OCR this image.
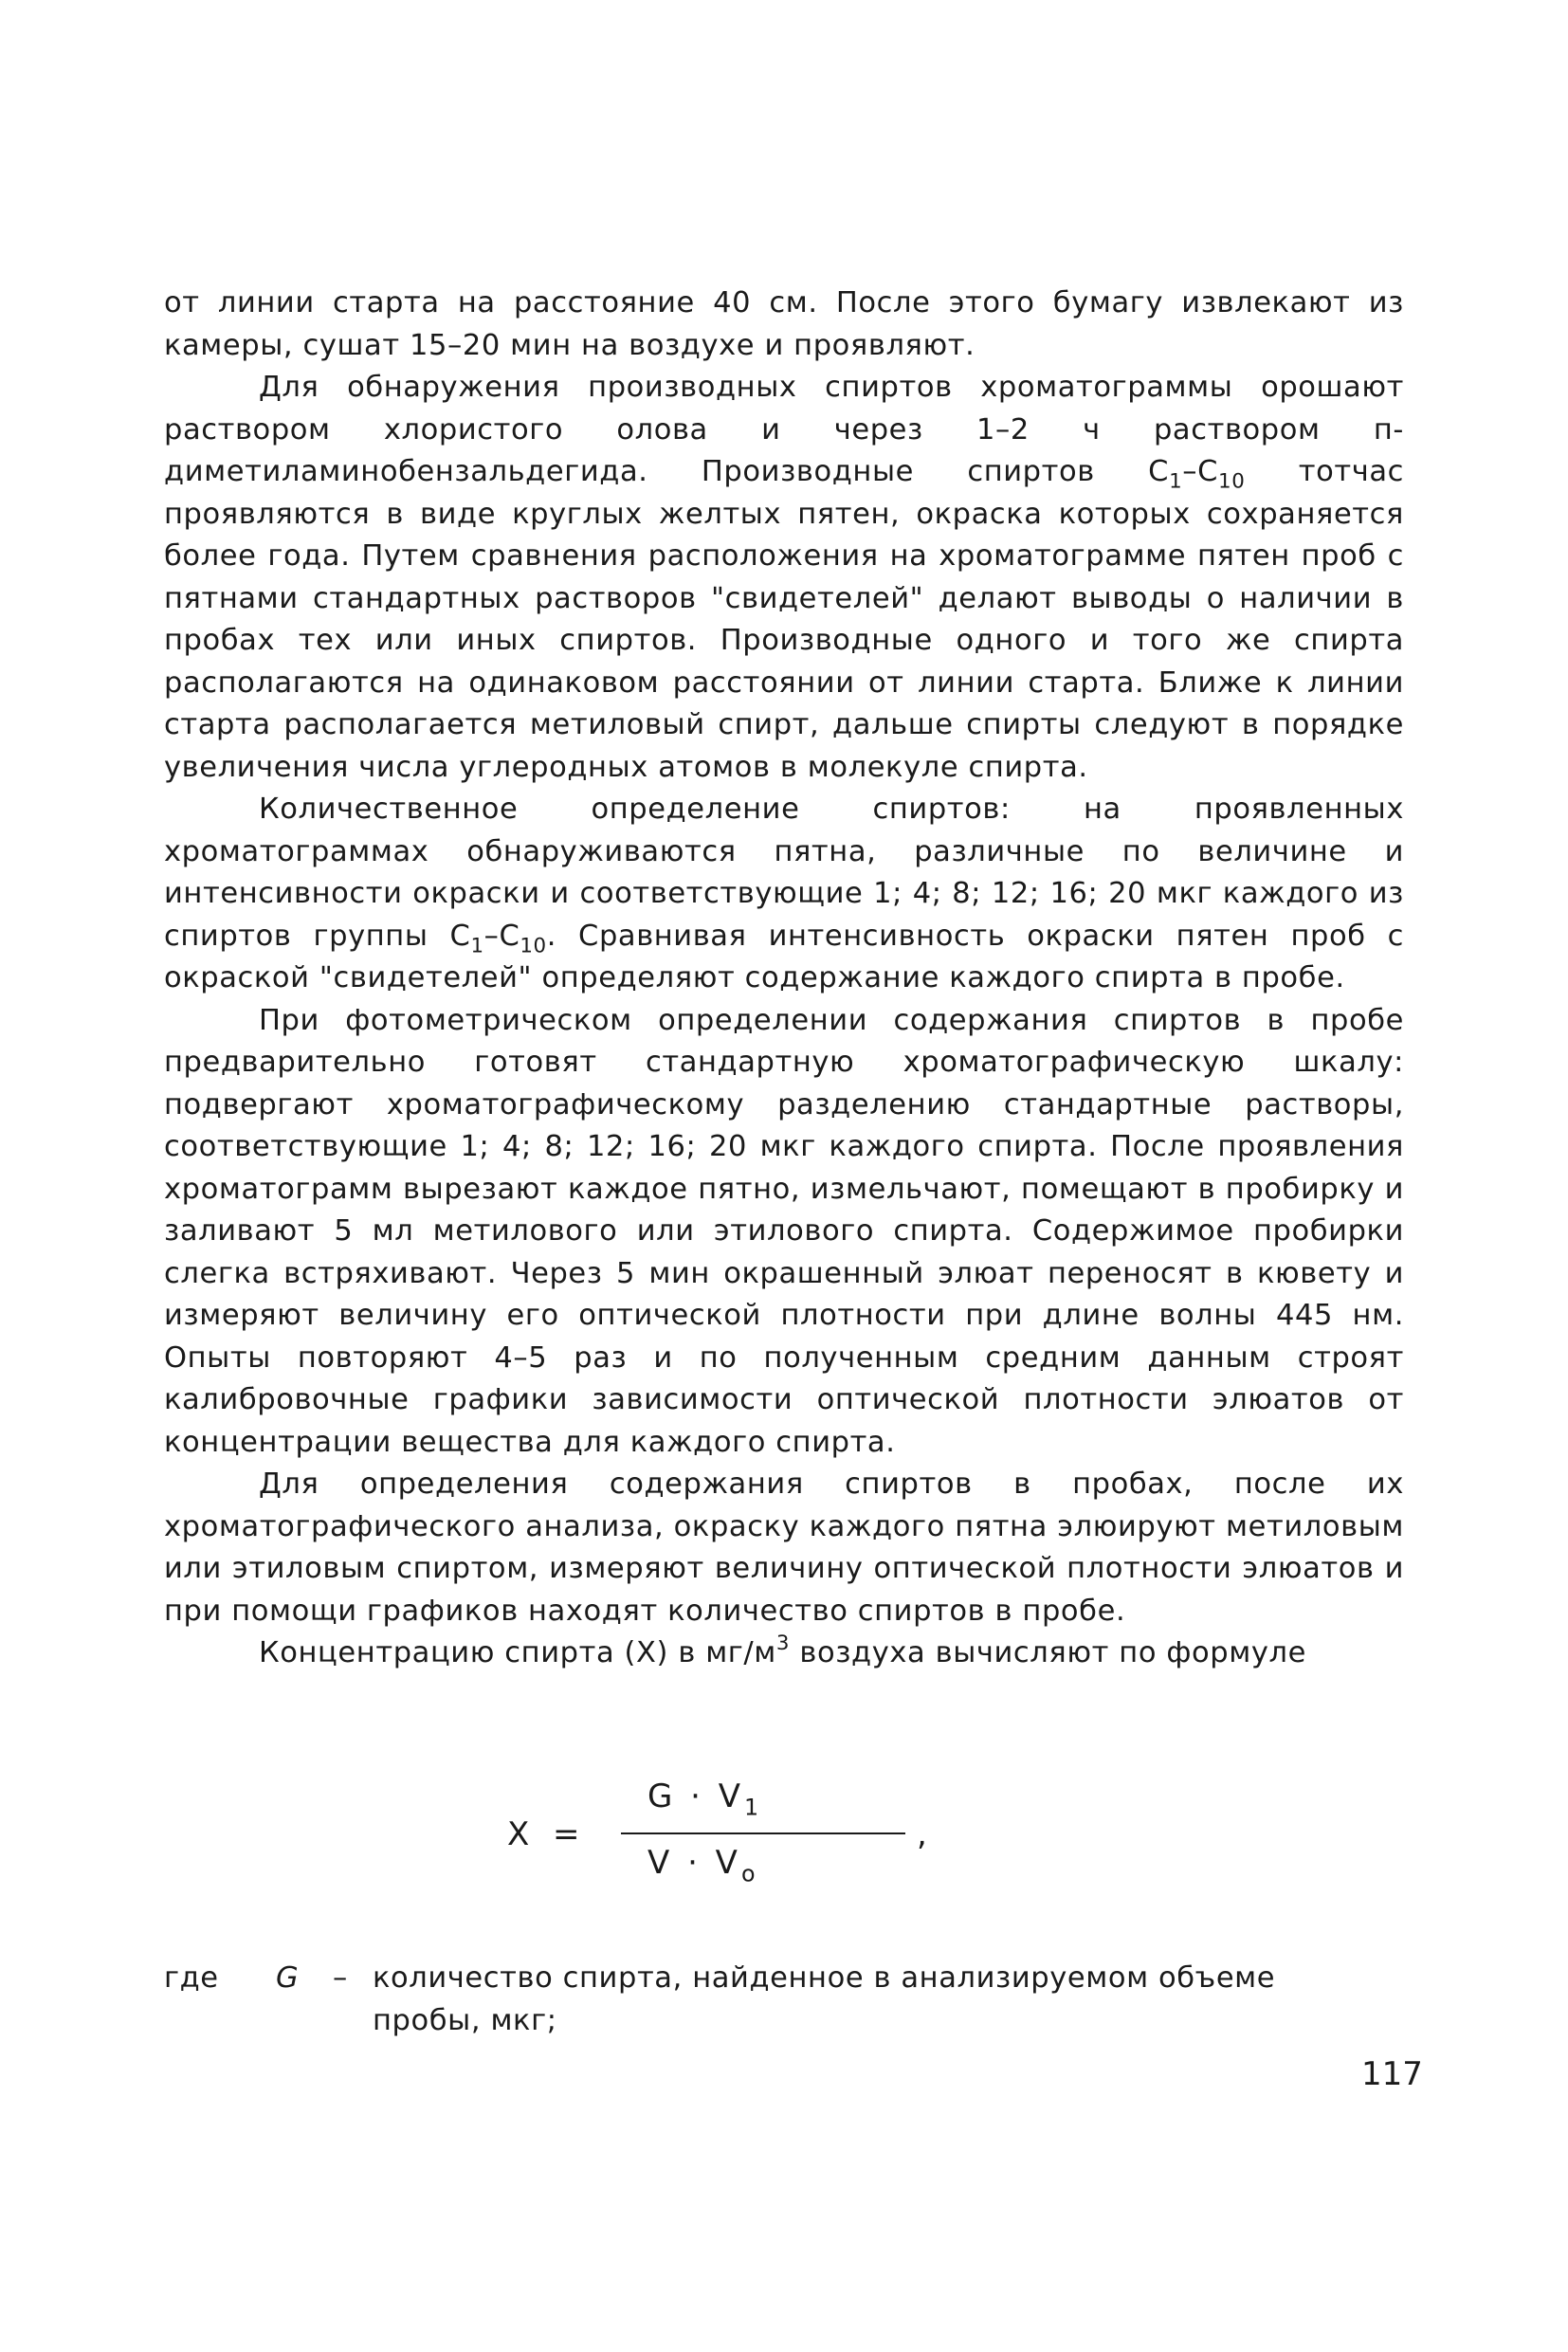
от линии старта на расстояние 40 см. После этого бумагу извлекают из камеры, сушат 15–20 мин на воздухе и проявляют.

Для обнаружения производных спиртов хроматограммы орошают раствором хлористого олова и через 1–2 ч раствором п-диметиламинобензальдегида. Производные спиртов $С_1-С_{10}$ тотчас проявляются в виде круглых желтых пятен, окраска которых сохраняется более года. Путем сравнения расположения на хроматограмме пятен проб с пятнами стандартных растворов "свидетелей" делают выводы о наличии в пробах тех или иных спиртов. Производные одного и того же спирта располагаются на одинаковом расстоянии от линии старта. Ближе к линии старта располагается метиловый спирт, дальше спирты следуют в порядке увеличения числа углеродных атомов в молекуле спирта.

Количественное определение спиртов: на проявленных хроматограммах обнаруживаются пятна, различные по величине и интенсивности окраски и соответствующие 1; 4; 8; 12; 16; 20 мкг каждого из спиртов группы $С_1-С_{10}$. Сравнивая интенсивность окраски пятен проб с окраской "свидетелей" определяют содержание каждого спирта в пробе.

При фотометрическом определении содержания спиртов в пробе предварительно готовят стандартную хроматографическую шкалу: подвергают хроматографическому разделению стандартные растворы, соответствующие 1; 4; 8; 12; 16; 20 мкг каждого спирта. После проявления хроматограмм вырезают каждое пятно, измельчают, помещают в пробирку и заливают 5 мл метилового или этилового спирта. Содержимое пробирки слегка встряхивают. Через 5 мин окрашенный элюат переносят в кювету и измеряют величину его оптической плотности при длине волны 445 нм. Опыты повторяют 4–5 раз и по полученным средним данным строят калибровочные графики зависимости оптической плотности элюатов от концентрации вещества для каждого спирта.

Для определения содержания спиртов в пробах, после их хроматографического анализа, окраску каждого пятна элюируют метиловым или этиловым спиртом, измеряют величину оптической плотности элюатов и при помощи графиков находят количество спиртов в пробе.

Концентрацию спирта (X) в $мг/м^3$ воздуха вычисляют по формуле

X =
$G \cdot V_1$
$V \cdot V_o$
,
где G – количество спирта, найденное в анализируемом объеме пробы, мкг;
117
